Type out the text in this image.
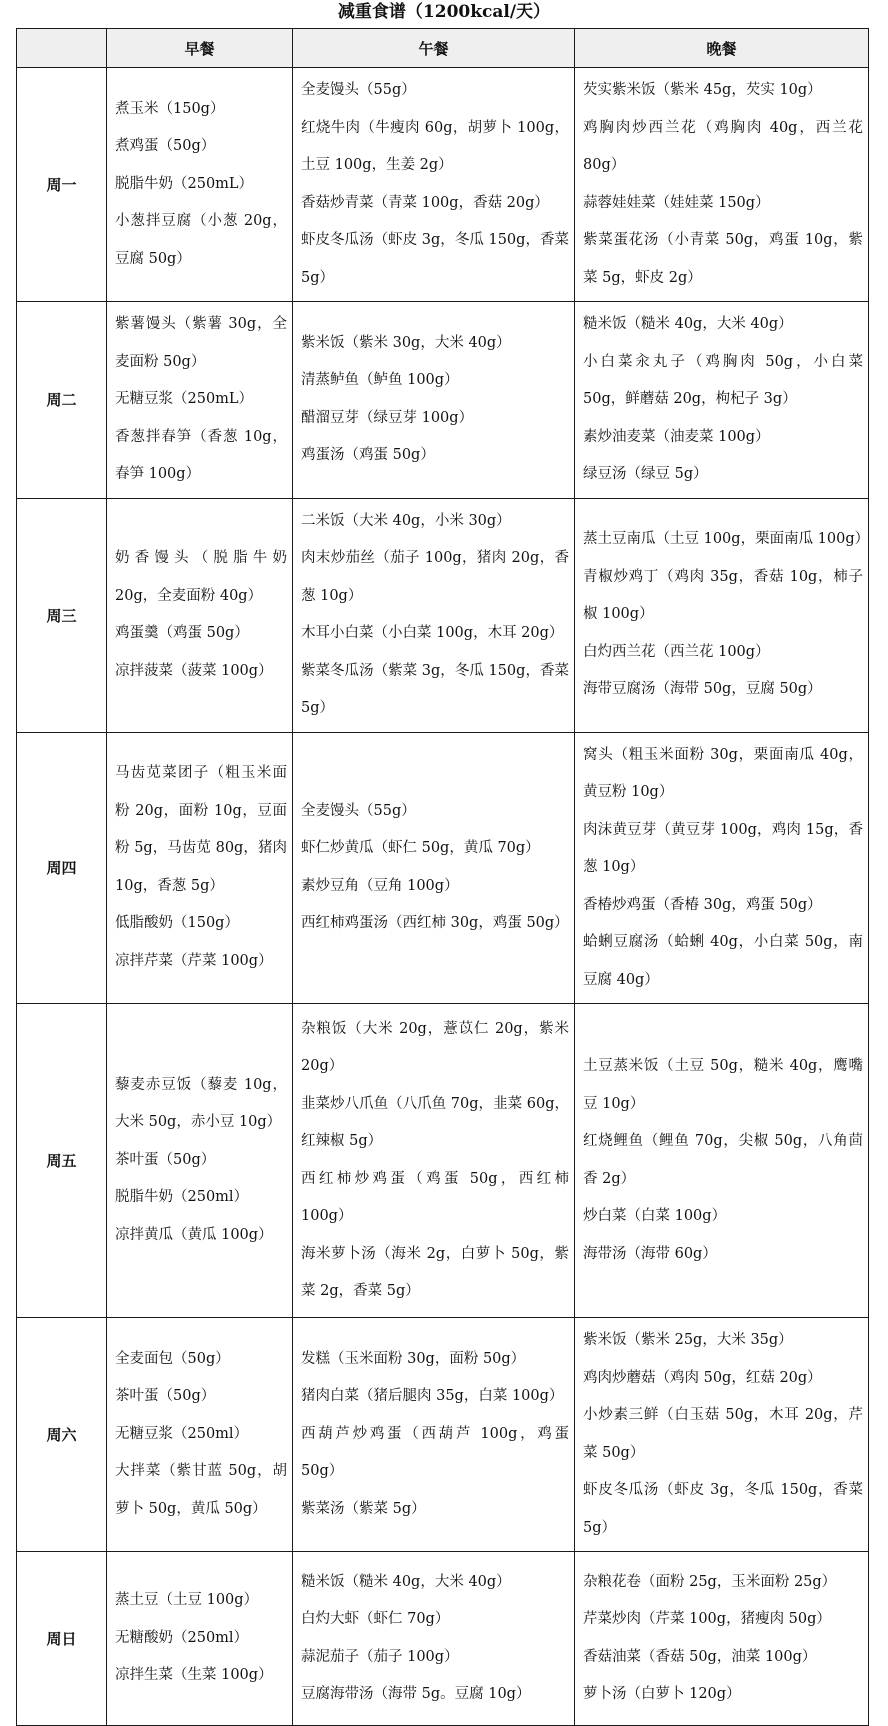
减重食谱（1200kcal/天）
	早餐	午餐	晚餐
周一	煮玉米（150g）
煮鸡蛋（50g）
脱脂牛奶（250mL）
小葱拌豆腐（小葱 20g，豆腐 50g）	全麦馒头（55g）
红烧牛肉（牛瘦肉 60g，胡萝卜 100g，土豆 100g，生姜 2g）
香菇炒青菜（青菜 100g，香菇 20g）
虾皮冬瓜汤（虾皮 3g，冬瓜 150g，香菜 5g）	芡实紫米饭（紫米 45g，芡实 10g）
鸡胸肉炒西兰花（鸡胸肉 40g，西兰花 80g）
蒜蓉娃娃菜（娃娃菜 150g）
紫菜蛋花汤（小青菜 50g，鸡蛋 10g，紫菜 5g，虾皮 2g）

周二	紫薯馒头（紫薯 30g，全麦面粉 50g）
无糖豆浆（250mL）
香葱拌春笋（香葱 10g，春笋 100g）	紫米饭（紫米 30g，大米 40g）
清蒸鲈鱼（鲈鱼 100g）
醋溜豆芽（绿豆芽 100g）
鸡蛋汤（鸡蛋 50g）	糙米饭（糙米 40g，大米 40g）
小白菜汆丸子（鸡胸肉 50g，小白菜 50g，鲜蘑菇 20g，枸杞子 3g）
素炒油麦菜（油麦菜 100g）
绿豆汤（绿豆 5g）

周三	奶香馒头（脱脂牛奶 20g，全麦面粉 40g）
鸡蛋羹（鸡蛋 50g）
凉拌菠菜（菠菜 100g）	二米饭（大米 40g，小米 30g）
肉末炒茄丝（茄子 100g，猪肉 20g，香葱 10g）
木耳小白菜（小白菜 100g，木耳 20g）
紫菜冬瓜汤（紫菜 3g，冬瓜 150g，香菜 5g）	蒸土豆南瓜（土豆 100g，栗面南瓜 100g）
青椒炒鸡丁（鸡肉 35g，香菇 10g，柿子椒 100g）
白灼西兰花（西兰花 100g）
海带豆腐汤（海带 50g，豆腐 50g）

周四	马齿苋菜团子（粗玉米面粉 20g，面粉 10g，豆面粉 5g，马齿苋 80g，猪肉 10g，香葱 5g）
低脂酸奶（150g）
凉拌芹菜（芹菜 100g）	全麦馒头（55g）
虾仁炒黄瓜（虾仁 50g，黄瓜 70g）
素炒豆角（豆角 100g）
西红柿鸡蛋汤（西红柿 30g，鸡蛋 50g）	窝头（粗玉米面粉 30g，栗面南瓜 40g，黄豆粉 10g）
肉沫黄豆芽（黄豆芽 100g，鸡肉 15g，香葱 10g）
香椿炒鸡蛋（香椿 30g，鸡蛋 50g）
蛤蜊豆腐汤（蛤蜊 40g，小白菜 50g，南豆腐 40g）

周五	藜麦赤豆饭（藜麦 10g，大米 50g，赤小豆 10g）
茶叶蛋（50g）
脱脂牛奶（250ml）
凉拌黄瓜（黄瓜 100g）	杂粮饭（大米 20g，薏苡仁 20g，紫米 20g）
韭菜炒八爪鱼（八爪鱼 70g，韭菜 60g，红辣椒 5g）
西红柿炒鸡蛋（鸡蛋 50g，西红柿 100g）
海米萝卜汤（海米 2g，白萝卜 50g，紫菜 2g，香菜 5g）	土豆蒸米饭（土豆 50g，糙米 40g，鹰嘴豆 10g）
红烧鲤鱼（鲤鱼 70g，尖椒 50g，八角茴香 2g）
炒白菜（白菜 100g）
海带汤（海带 60g）

周六	全麦面包（50g）
茶叶蛋（50g）
无糖豆浆（250ml）
大拌菜（紫甘蓝 50g，胡萝卜 50g，黄瓜 50g）	发糕（玉米面粉 30g，面粉 50g）
猪肉白菜（猪后腿肉 35g，白菜 100g）
西葫芦炒鸡蛋（西葫芦 100g，鸡蛋 50g）
紫菜汤（紫菜 5g）	紫米饭（紫米 25g，大米 35g）
鸡肉炒蘑菇（鸡肉 50g，红菇 20g）
小炒素三鲜（白玉菇 50g，木耳 20g，芹菜 50g）
虾皮冬瓜汤（虾皮 3g，冬瓜 150g，香菜 5g）

周日	蒸土豆（土豆 100g）
无糖酸奶（250ml）
凉拌生菜（生菜 100g）	糙米饭（糙米 40g，大米 40g）
白灼大虾（虾仁 70g）
蒜泥茄子（茄子 100g）
豆腐海带汤（海带 5g。豆腐 10g）	杂粮花卷（面粉 25g，玉米面粉 25g）
芹菜炒肉（芹菜 100g，猪瘦肉 50g）
香菇油菜（香菇 50g，油菜 100g）
萝卜汤（白萝卜 120g）
